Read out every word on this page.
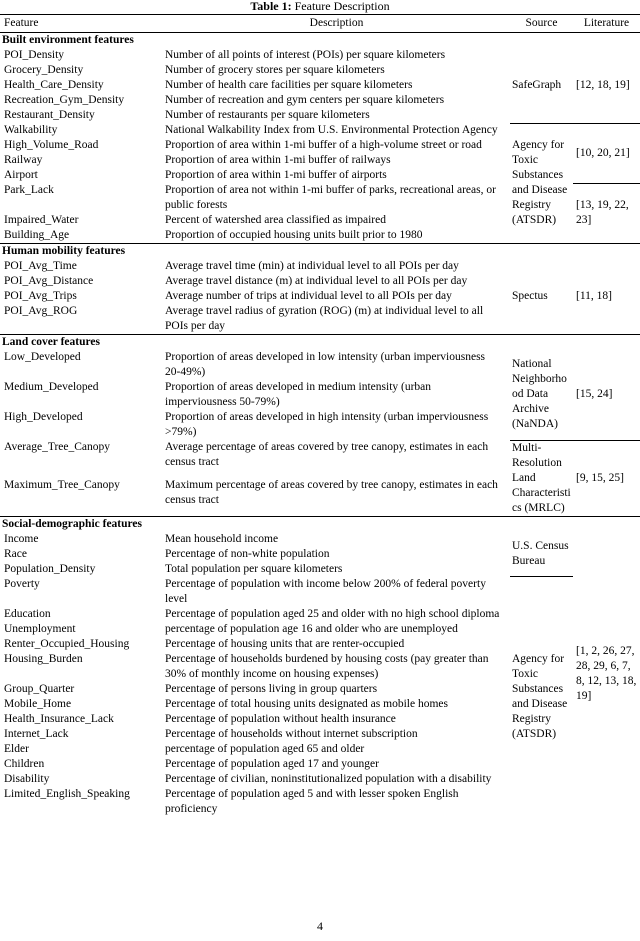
Table 1: Feature Description
Feature	Description	Source	Literature
Built environment features			
POI_Density	Number of all points of interest (POIs) per square kilometers	SafeGraph	[12, 18, 19]
Grocery_Density	Number of grocery stores per square kilometers		
Health_Care_Density	Number of health care facilities per square kilometers		
Recreation_Gym_Density	Number of recreation and gym centers per square kilometers		
Restaurant_Density	Number of restaurants per square kilometers		
Walkability	National Walkability Index from U.S. Environmental Protection Agency	Agency for Toxic Substances and Disease Registry (ATSDR)	[10, 20, 21]
High_Volume_Road	Proportion of area within 1-mi buffer of a high-volume street or road		
Railway	Proportion of area within 1-mi buffer of railways		
Airport	Proportion of area within 1-mi buffer of airports		
Park_Lack	Proportion of area not within 1-mi buffer of parks, recreational areas, or public forests		[13, 19, 22, 23]
Impaired_Water	Percent of watershed area classified as impaired		
Building_Age	Proportion of occupied housing units built prior to 1980		
Human mobility features			
POI_Avg_Time	Average travel time (min) at individual level to all POIs per day	Spectus	[11, 18]
POI_Avg_Distance	Average travel distance (m) at individual level to all POIs per day		
POI_Avg_Trips	Average number of trips at individual level to all POIs per day		
POI_Avg_ROG	Average travel radius of gyration (ROG) (m) at individual level to all POIs per day		
Land cover features			
Low_Developed	Proportion of areas developed in low intensity (urban imperviousness 20-49%)	National Neighborhood Data Archive (NaNDA)	[15, 24]
Medium_Developed	Proportion of areas developed in medium intensity (urban imperviousness 50-79%)		
High_Developed	Proportion of areas developed in high intensity (urban imperviousness >79%)		
Average_Tree_Canopy	Average percentage of areas covered by tree canopy, estimates in each census tract	Multi-Resolution Land Characteristics (MRLC)	[9, 15, 25]
Maximum_Tree_Canopy	Maximum percentage of areas covered by tree canopy, estimates in each census tract		
Social-demographic features			
Income	Mean household income	U.S. Census Bureau	[1, 2, 26, 27, 28, 29, 6, 7, 8, 12, 13, 18, 19]
Race	Percentage of non-white population		
Population_Density	Total population per square kilometers		
Poverty	Percentage of population with income below 200% of federal poverty level	Agency for Toxic Substances and Disease Registry (ATSDR)	
Education	Percentage of population aged 25 and older with no high school diploma		
Unemployment	percentage of population age 16 and older who are unemployed		
Renter_Occupied_Housing	Percentage of housing units that are renter-occupied		
Housing_Burden	Percentage of households burdened by housing costs (pay greater than 30% of monthly income on housing expenses)		
Group_Quarter	Percentage of persons living in group quarters		
Mobile_Home	Percentage of total housing units designated as mobile homes		
Health_Insurance_Lack	Percentage of population without health insurance		
Internet_Lack	Percentage of households without internet subscription		
Elder	percentage of population aged 65 and older		
Children	Percentage of population aged 17 and younger		
Disability	Percentage of civilian, noninstitutionalized population with a disability		
Limited_English_Speaking	Percentage of population aged 5 and with lesser spoken English proficiency		
4
